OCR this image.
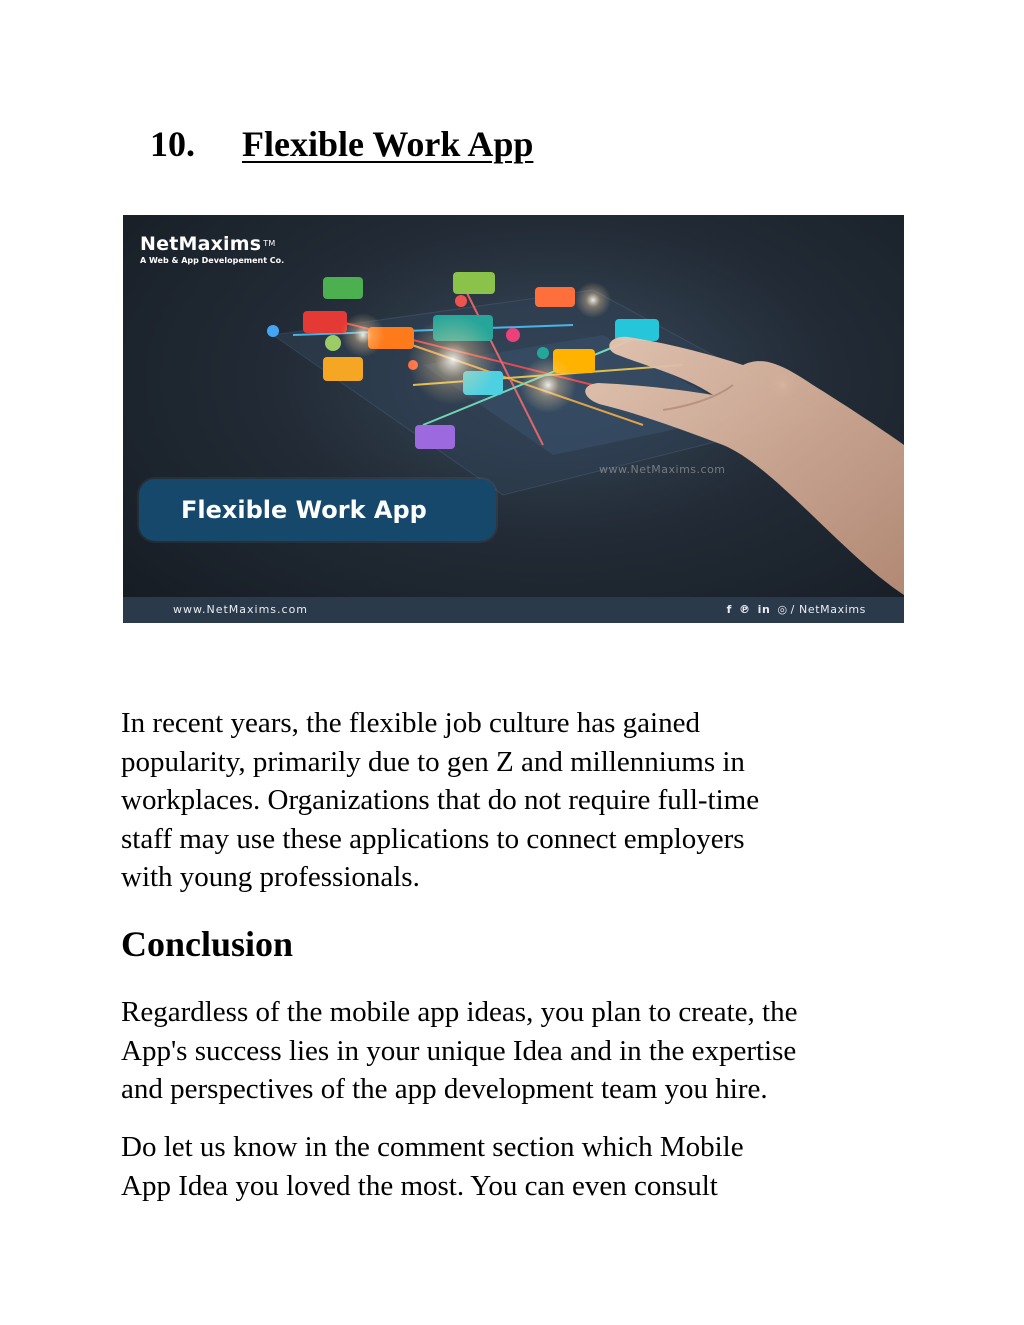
10. Flexible Work App
NetMaxims ™
A Web & App Developement Co.
www.NetMaxims.com
Flexible Work App
www.NetMaxims.com	f ℗ in ◎ / NetMaxims

In recent years, the flexible job culture has gained
popularity, primarily due to gen Z and millenniums in
workplaces. Organizations that do not require full-time
staff may use these applications to connect employers
with young professionals.

Conclusion

Regardless of the mobile app ideas, you plan to create, the
App's success lies in your unique Idea and in the expertise
and perspectives of the app development team you hire.

Do let us know in the comment section which Mobile
App Idea you loved the most. You can even consult
